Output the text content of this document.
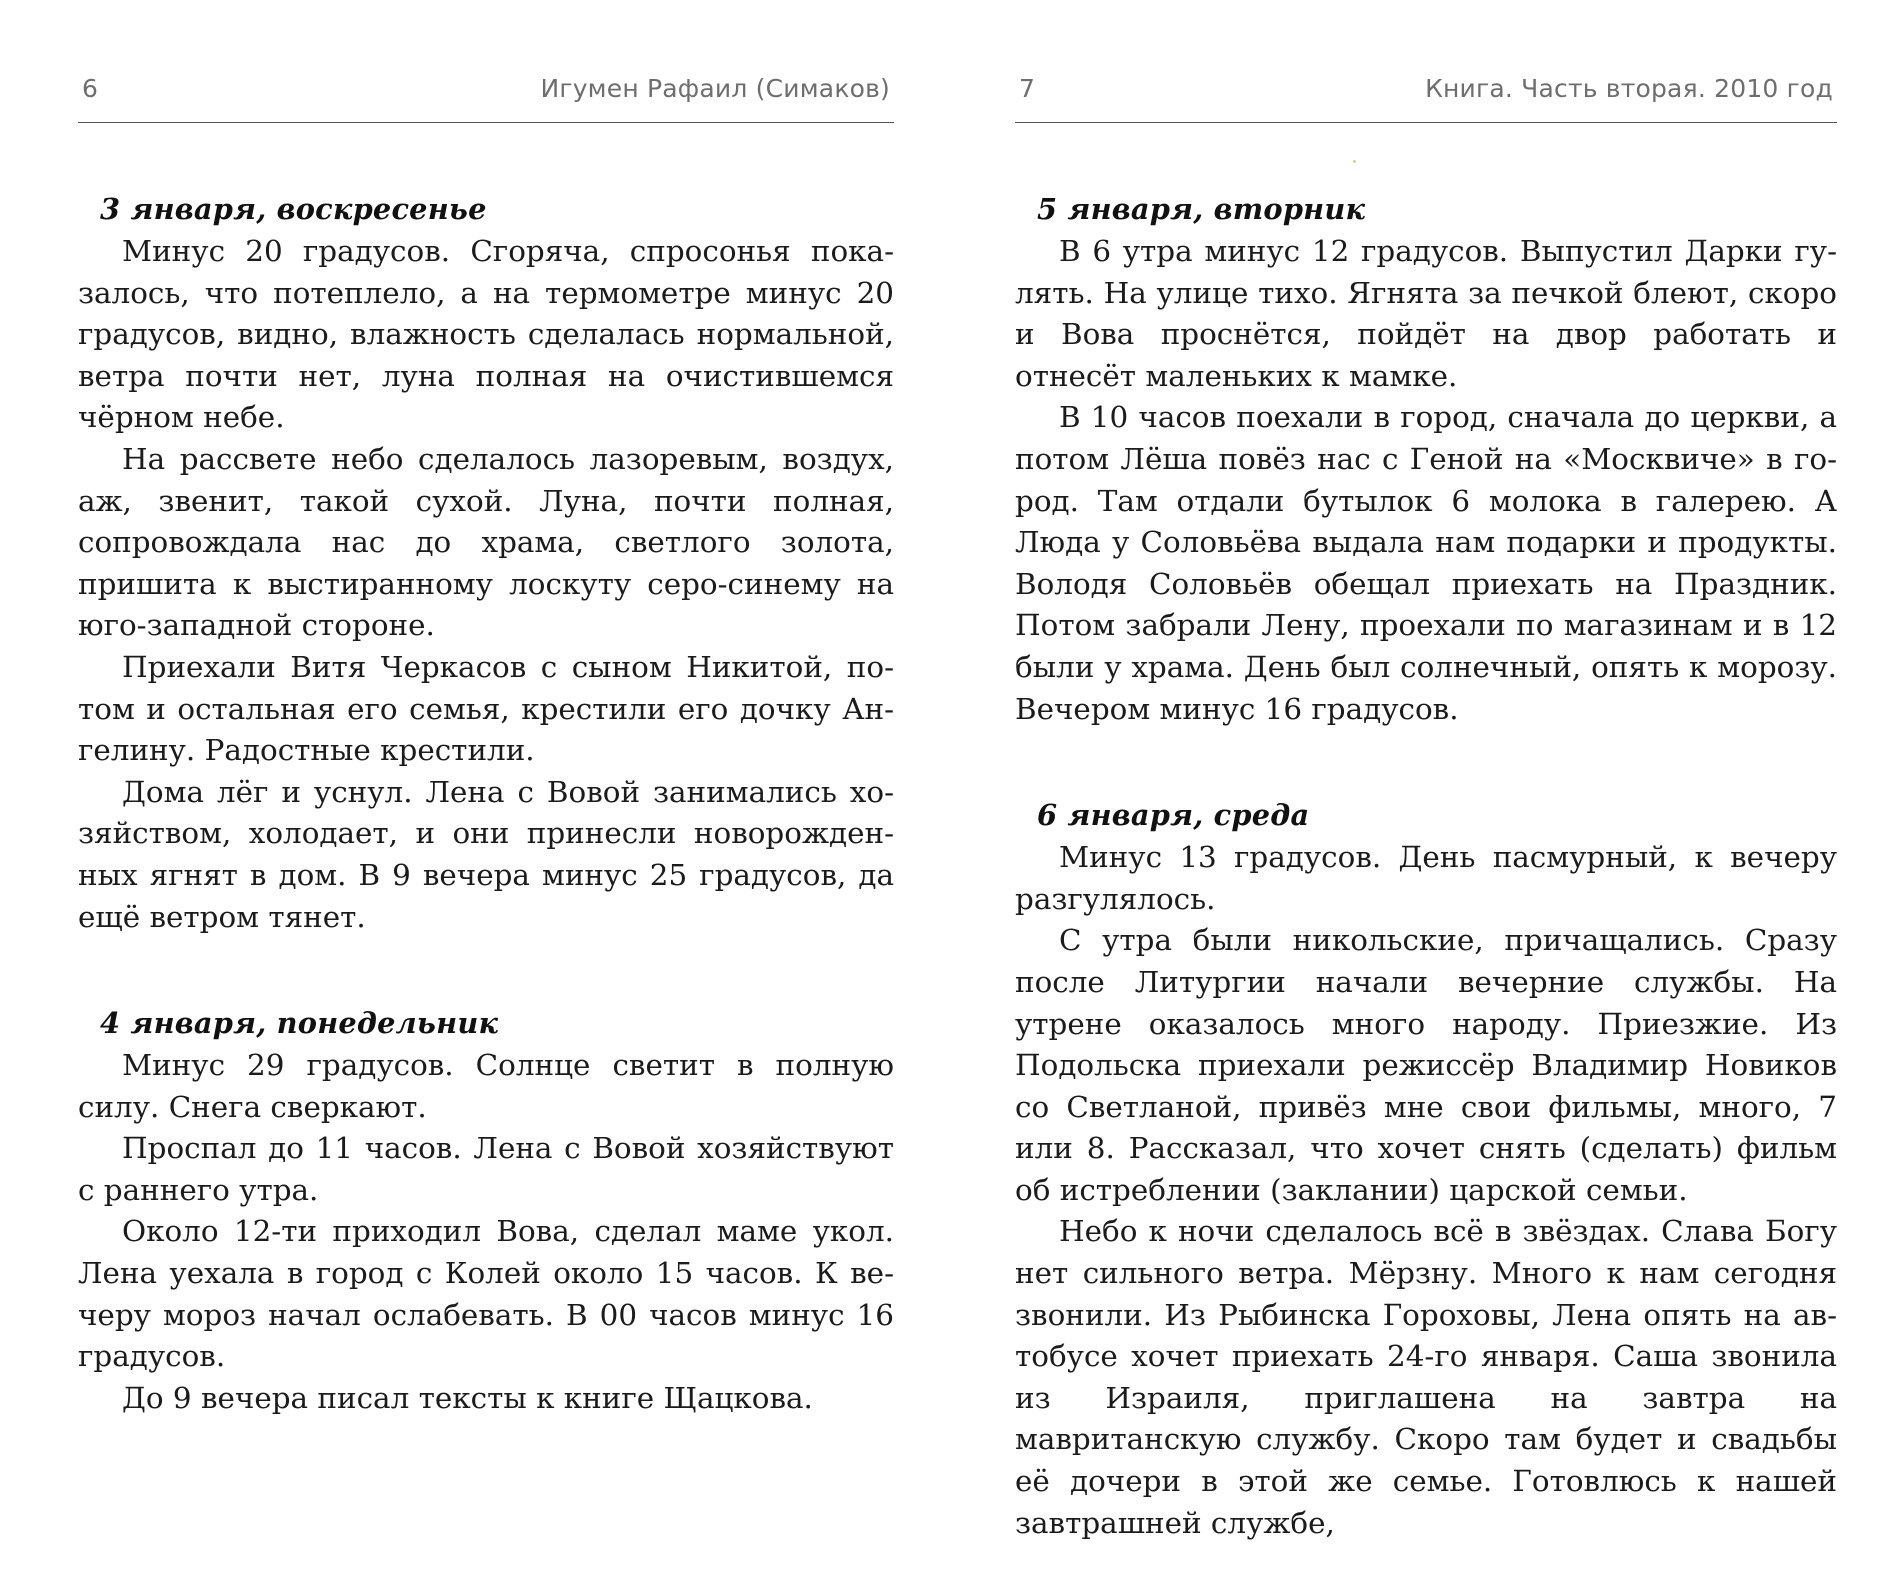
6	Игумен Рафаил (Симаков)
3 января, воскресенье

Минус 20 градусов. Сгоряча, спросонья показалось, что потеплело, а на термометре минус 20 градусов, видно, влажность сделалась нормальной, ветра почти нет, луна полная на очистившемся чёрном небе.

На рассвете небо сделалось лазоревым, воздух, аж, звенит, такой сухой. Луна, почти полная, сопровождала нас до храма, светлого золота, пришита к выстиранному лоскуту серо-синему на юго-западной стороне.

Приехали Витя Черкасов с сыном Никитой, потом и остальная его семья, крестили его дочку Ангелину. Радостные крестили.

Дома лёг и уснул. Лена с Вовой занимались хозяйством, холодает, и они принесли новорожденных ягнят в дом. В 9 вечера минус 25 градусов, да ещё ветром тянет.

4 января, понедельник

Минус 29 градусов. Солнце светит в полную силу. Снега сверкают.

Проспал до 11 часов. Лена с Вовой хозяйствуют с раннего утра.

Около 12-ти приходил Вова, сделал маме укол. Лена уехала в город с Колей около 15 часов. К вечеру мороз начал ослабевать. В 00 часов минус 16 градусов.

До 9 вечера писал тексты к книге Щацкова.

7	Книга. Часть вторая. 2010 год
5 января, вторник

В 6 утра минус 12 градусов. Выпустил Дарки гулять. На улице тихо. Ягнята за печкой блеют, скоро и Вова проснётся, пойдёт на двор работать и отнесёт маленьких к мамке.

В 10 часов поехали в город, сначала до церкви, а потом Лёша повёз нас с Геной на «Москвиче» в город. Там отдали бутылок 6 молока в галерею. А Люда у Соловьёва выдала нам подарки и продукты. Володя Соловьёв обещал приехать на Праздник. Потом забрали Лену, проехали по магазинам и в 12 были у храма. День был солнечный, опять к морозу. Вечером минус 16 градусов.

6 января, среда

Минус 13 градусов. День пасмурный, к вечеру разгулялось.

С утра были никольские, причащались. Сразу после Литургии начали вечерние службы. На утрене оказалось много народу. Приезжие. Из Подольска приехали режиссёр Владимир Новиков со Светланой, привёз мне свои фильмы, много, 7 или 8. Рассказал, что хочет снять (сделать) фильм об истреблении (заклании) царской семьи.

Небо к ночи сделалось всё в звёздах. Слава Богу нет сильного ветра. Мёрзну. Много к нам сегодня звонили. Из Рыбинска Гороховы, Лена опять на автобусе хочет приехать 24-го января. Саша звонила из Израиля, приглашена на завтра на мавританскую службу. Скоро там будет и свадьбы её дочери в этой же семье. Готовлюсь к нашей завтрашней службе,
